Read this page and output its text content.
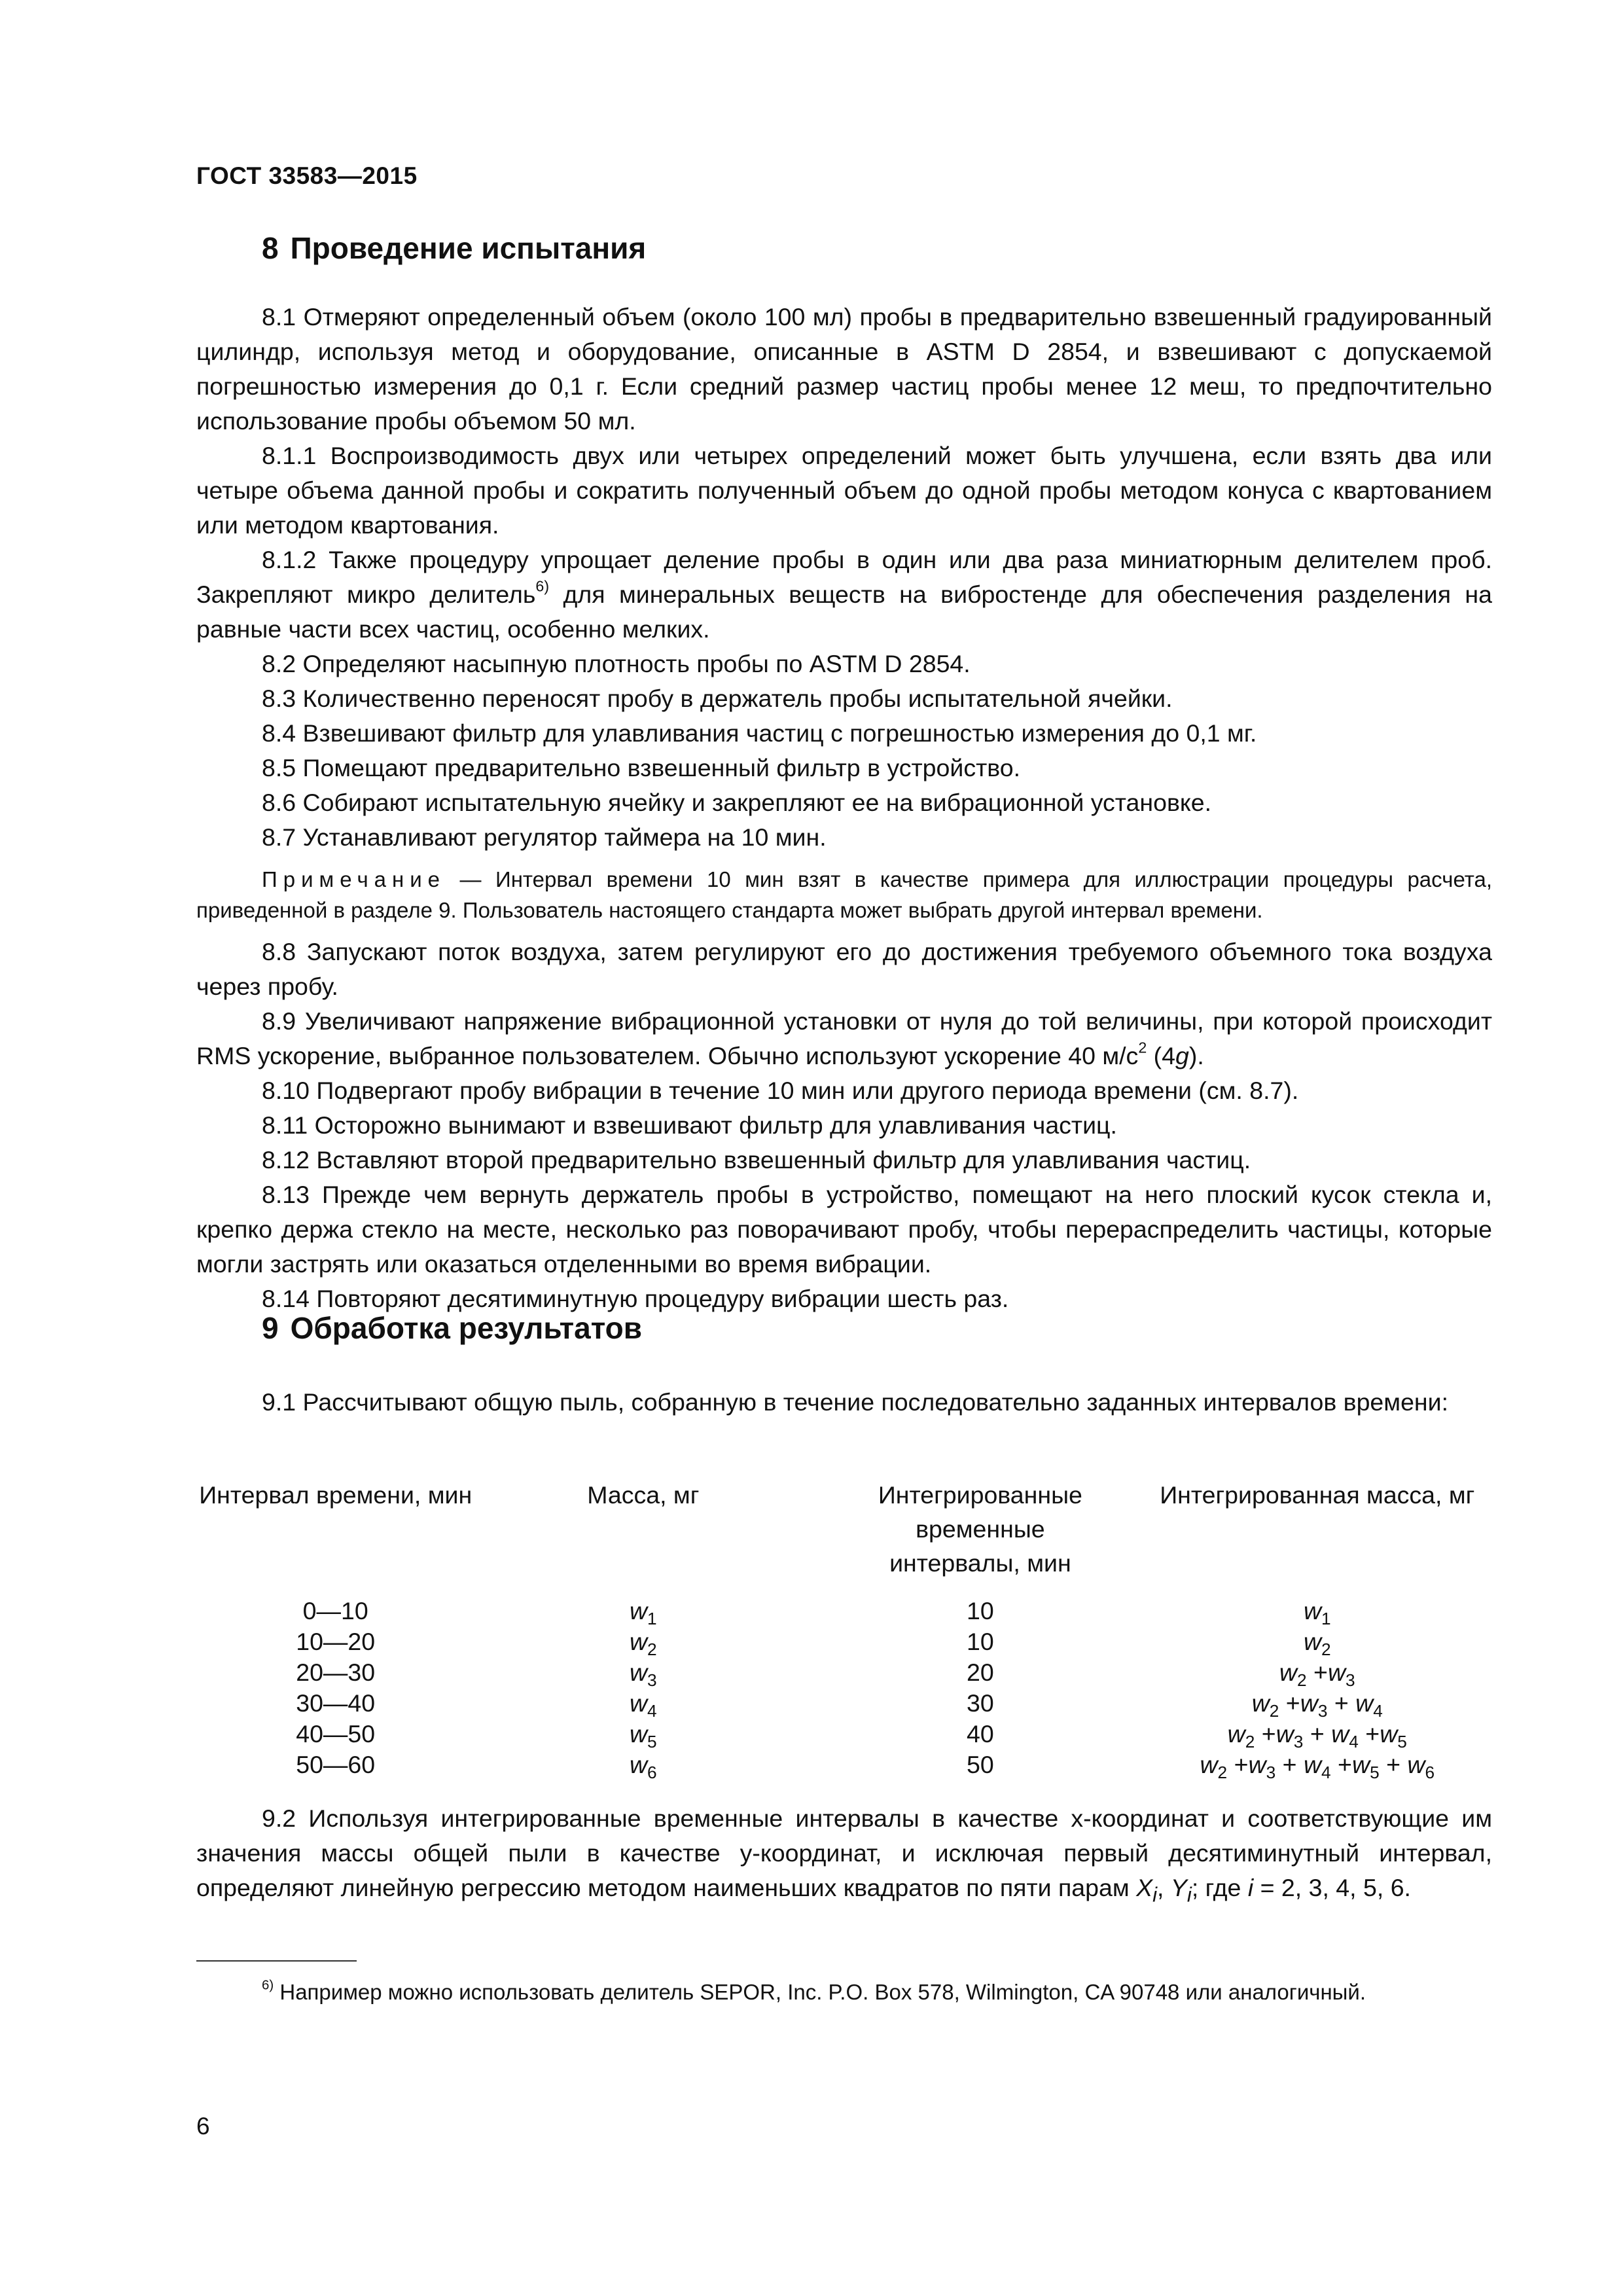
ГОСТ 33583—2015
8 Проведение испытания

8.1 Отмеряют определенный объем (около 100 мл) пробы в предварительно взвешенный градуированный цилиндр, используя метод и оборудование, описанные в ASTM D 2854, и взвешивают с допускаемой погрешностью измерения до 0,1 г. Если средний размер частиц пробы менее 12 меш, то предпочтительно использование пробы объемом 50 мл.

8.1.1 Воспроизводимость двух или четырех определений может быть улучшена, если взять два или четыре объема данной пробы и сократить полученный объем до одной пробы методом конуса с квартованием или методом квартования.

8.1.2 Также процедуру упрощает деление пробы в один или два раза миниатюрным делителем проб. Закрепляют микро делитель$^{6)}$ для минеральных веществ на вибростенде для обеспечения разделения на равные части всех частиц, особенно мелких.

8.2 Определяют насыпную плотность пробы по ASTM D 2854.

8.3 Количественно переносят пробу в держатель пробы испытательной ячейки.

8.4 Взвешивают фильтр для улавливания частиц с погрешностью измерения до 0,1 мг.

8.5 Помещают предварительно взвешенный фильтр в устройство.

8.6 Собирают испытательную ячейку и закрепляют ее на вибрационной установке.

8.7 Устанавливают регулятор таймера на 10 мин.

Примечание — Интервал времени 10 мин взят в качестве примера для иллюстрации процедуры расчета, приведенной в разделе 9. Пользователь настоящего стандарта может выбрать другой интервал времени.

8.8 Запускают поток воздуха, затем регулируют его до достижения требуемого объемного тока воздуха через пробу.

8.9 Увеличивают напряжение вибрационной установки от нуля до той величины, при которой происходит RMS ускорение, выбранное пользователем. Обычно используют ускорение 40 $м/с^2$ (4g).

8.10 Подвергают пробу вибрации в течение 10 мин или другого периода времени (см. 8.7).

8.11 Осторожно вынимают и взвешивают фильтр для улавливания частиц.

8.12 Вставляют второй предварительно взвешенный фильтр для улавливания частиц.

8.13 Прежде чем вернуть держатель пробы в устройство, помещают на него плоский кусок стекла и, крепко держа стекло на месте, несколько раз поворачивают пробу, чтобы перераспределить частицы, которые могли застрять или оказаться отделенными во время вибрации.

8.14 Повторяют десятиминутную процедуру вибрации шесть раз.

9 Обработка результатов

9.1 Рассчитывают общую пыль, собранную в течение последовательно заданных интервалов времени:

Интервал времени, мин	Масса, мг	Интегрированные временные интервалы, мин	Интегрированная масса, мг
0—10	$w_1$	10	$w_1$
10—20	$w_2$	10	$w_2$
20—30	$w_3$	20	$w_2 +w_3$
30—40	$w_4$	30	$w_2 +w_3 + w_4$
40—50	$w_5$	40	$w_2 +w_3 + w_4 +w_5$
50—60	$w_6$	50	$w_2 +w_3 + w_4 +w_5 + w_6$

9.2 Используя интегрированные временные интервалы в качестве x-координат и соответствующие им значения массы общей пыли в качестве y-координат, и исключая первый десятиминутный интервал, определяют линейную регрессию методом наименьших квадратов по пяти парам $X_i$, $Y_i$; где i = 2, 3, 4, 5, 6.

$^{6)}$ Например можно использовать делитель SEPOR, Inc. P.O. Box 578, Wilmington, CA 90748 или аналогичный.
6
